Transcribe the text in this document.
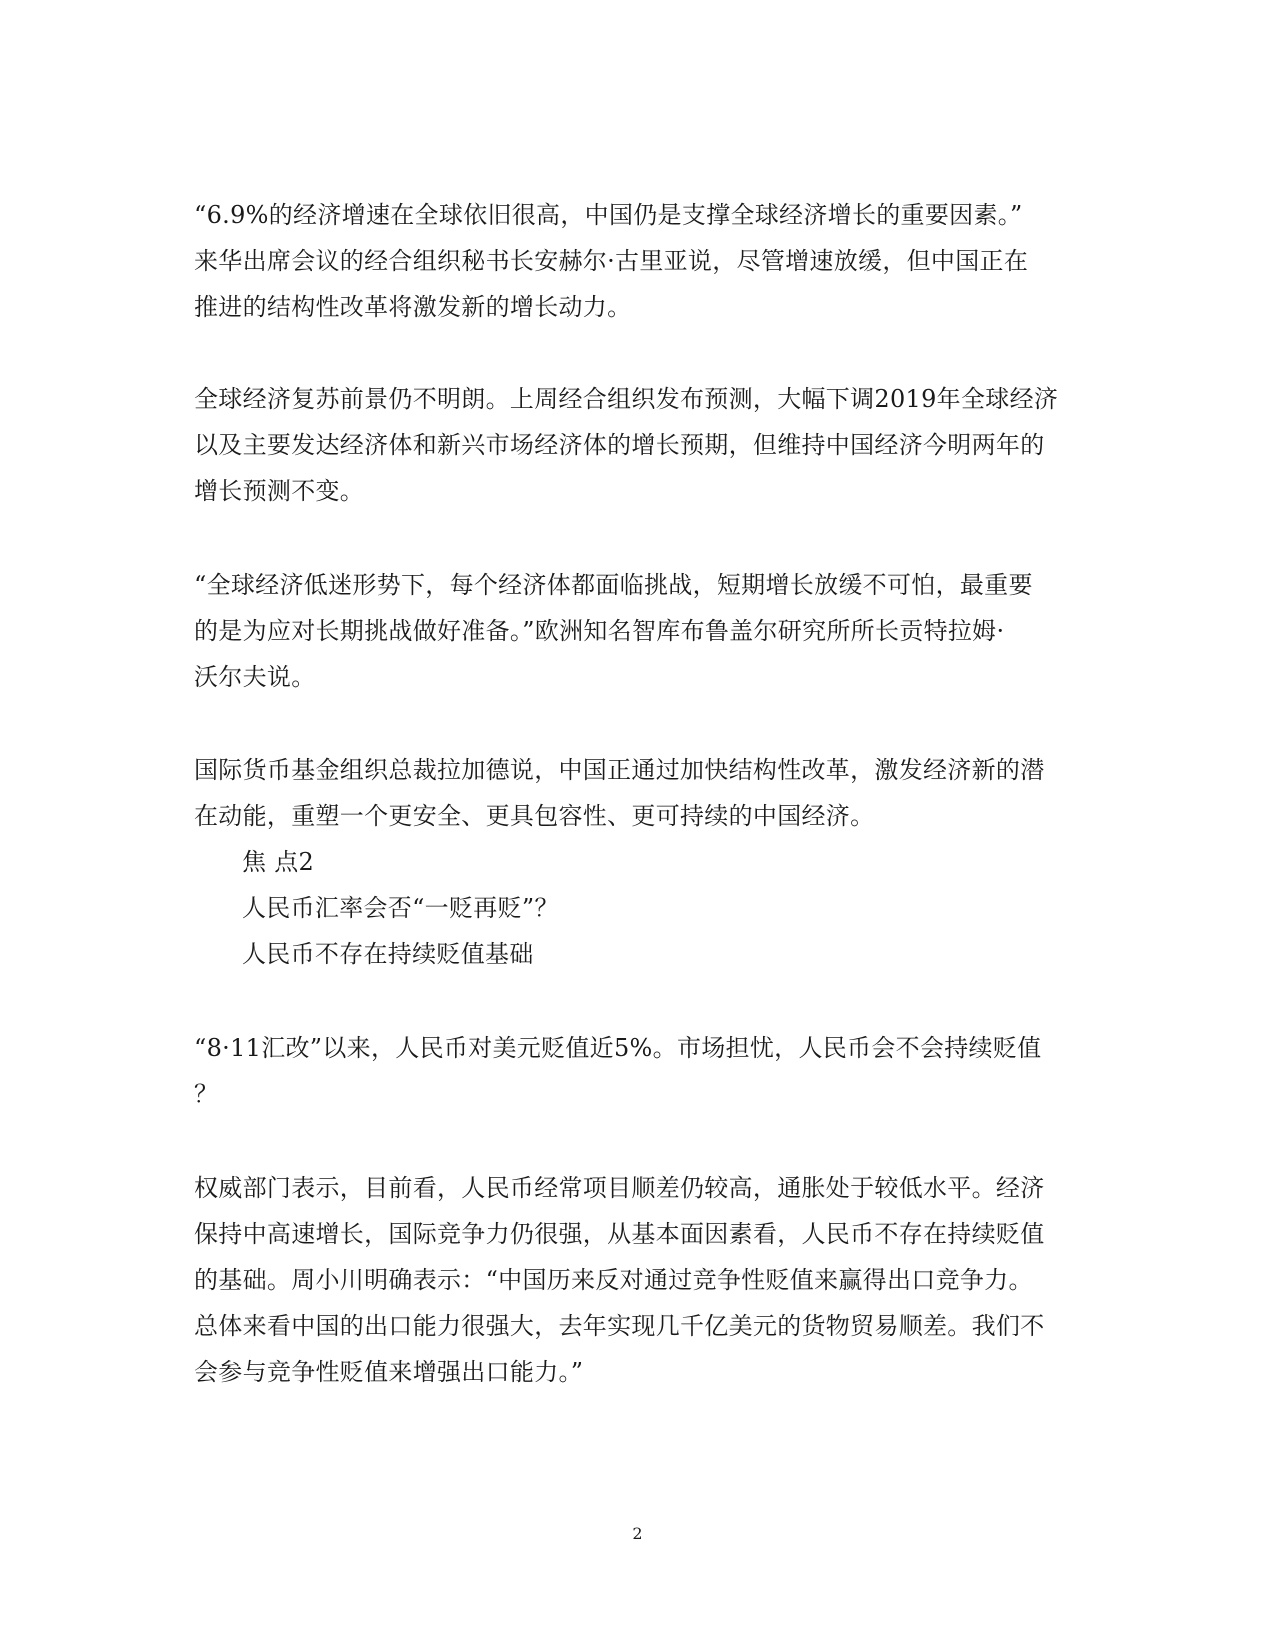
“6.9%的经济增速在全球依旧很高，中国仍是支撑全球经济增长的重要因素。”
来华出席会议的经合组织秘书长安赫尔·古里亚说，尽管增速放缓，但中国正在
推进的结构性改革将激发新的增长动力。
全球经济复苏前景仍不明朗。上周经合组织发布预测，大幅下调2019年全球经济
以及主要发达经济体和新兴市场经济体的增长预期，但维持中国经济今明两年的
增长预测不变。
“全球经济低迷形势下，每个经济体都面临挑战，短期增长放缓不可怕，最重要
的是为应对长期挑战做好准备。”欧洲知名智库布鲁盖尔研究所所长贡特拉姆·
沃尔夫说。
国际货币基金组织总裁拉加德说，中国正通过加快结构性改革，激发经济新的潜
在动能，重塑一个更安全、更具包容性、更可持续的中国经济。
焦 点2
人民币汇率会否“一贬再贬”？
人民币不存在持续贬值基础
“8·11汇改”以来，人民币对美元贬值近5%。市场担忧，人民币会不会持续贬值
？
权威部门表示，目前看，人民币经常项目顺差仍较高，通胀处于较低水平。经济
保持中高速增长，国际竞争力仍很强，从基本面因素看，人民币不存在持续贬值
的基础。周小川明确表示：“中国历来反对通过竞争性贬值来赢得出口竞争力。
总体来看中国的出口能力很强大，去年实现几千亿美元的货物贸易顺差。我们不
会参与竞争性贬值来增强出口能力。”
2
